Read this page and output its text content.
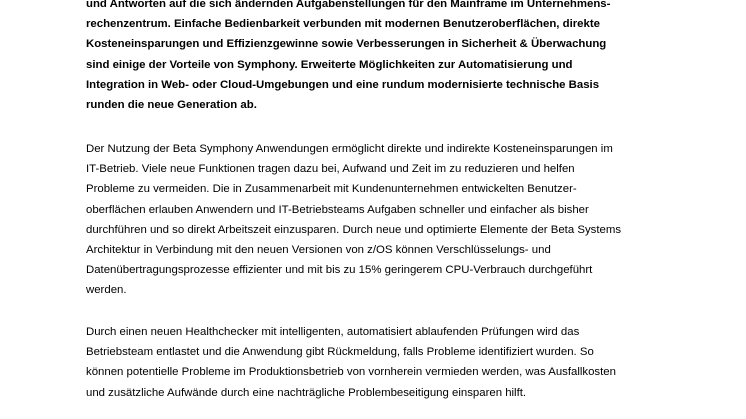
und Antworten auf die sich ändernden Aufgabenstellungen für den Mainframe im Unternehmens-
rechenzentrum. Einfache Bedienbarkeit verbunden mit modernen Benutzeroberflächen, direkte
Kosteneinsparungen und Effizienzgewinne sowie Verbesserungen in Sicherheit & Überwachung
sind einige der Vorteile von Symphony. Erweiterte Möglichkeiten zur Automatisierung und
Integration in Web- oder Cloud-Umgebungen und eine rundum modernisierte technische Basis
runden die neue Generation ab.

Der Nutzung der Beta Symphony Anwendungen ermöglicht direkte und indirekte Kosteneinsparungen im
IT-Betrieb. Viele neue Funktionen tragen dazu bei, Aufwand und Zeit im zu reduzieren und helfen
Probleme zu vermeiden. Die in Zusammenarbeit mit Kundenunternehmen entwickelten Benutzer-
oberflächen erlauben Anwendern und IT-Betriebsteams Aufgaben schneller und einfacher als bisher
durchführen und so direkt Arbeitszeit einzusparen. Durch neue und optimierte Elemente der Beta Systems
Architektur in Verbindung mit den neuen Versionen von z/OS können Verschlüsselungs- und
Datenübertragungsprozesse effizienter und mit bis zu 15% geringerem CPU-Verbrauch durchgeführt
werden.

Durch einen neuen Healthchecker mit intelligenten, automatisiert ablaufenden Prüfungen wird das
Betriebsteam entlastet und die Anwendung gibt Rückmeldung, falls Probleme identifiziert wurden. So
können potentielle Probleme im Produktionsbetrieb von vornherein vermieden werden, was Ausfallkosten
und zusätzliche Aufwände durch eine nachträgliche Problembeseitigung einsparen hilft.
